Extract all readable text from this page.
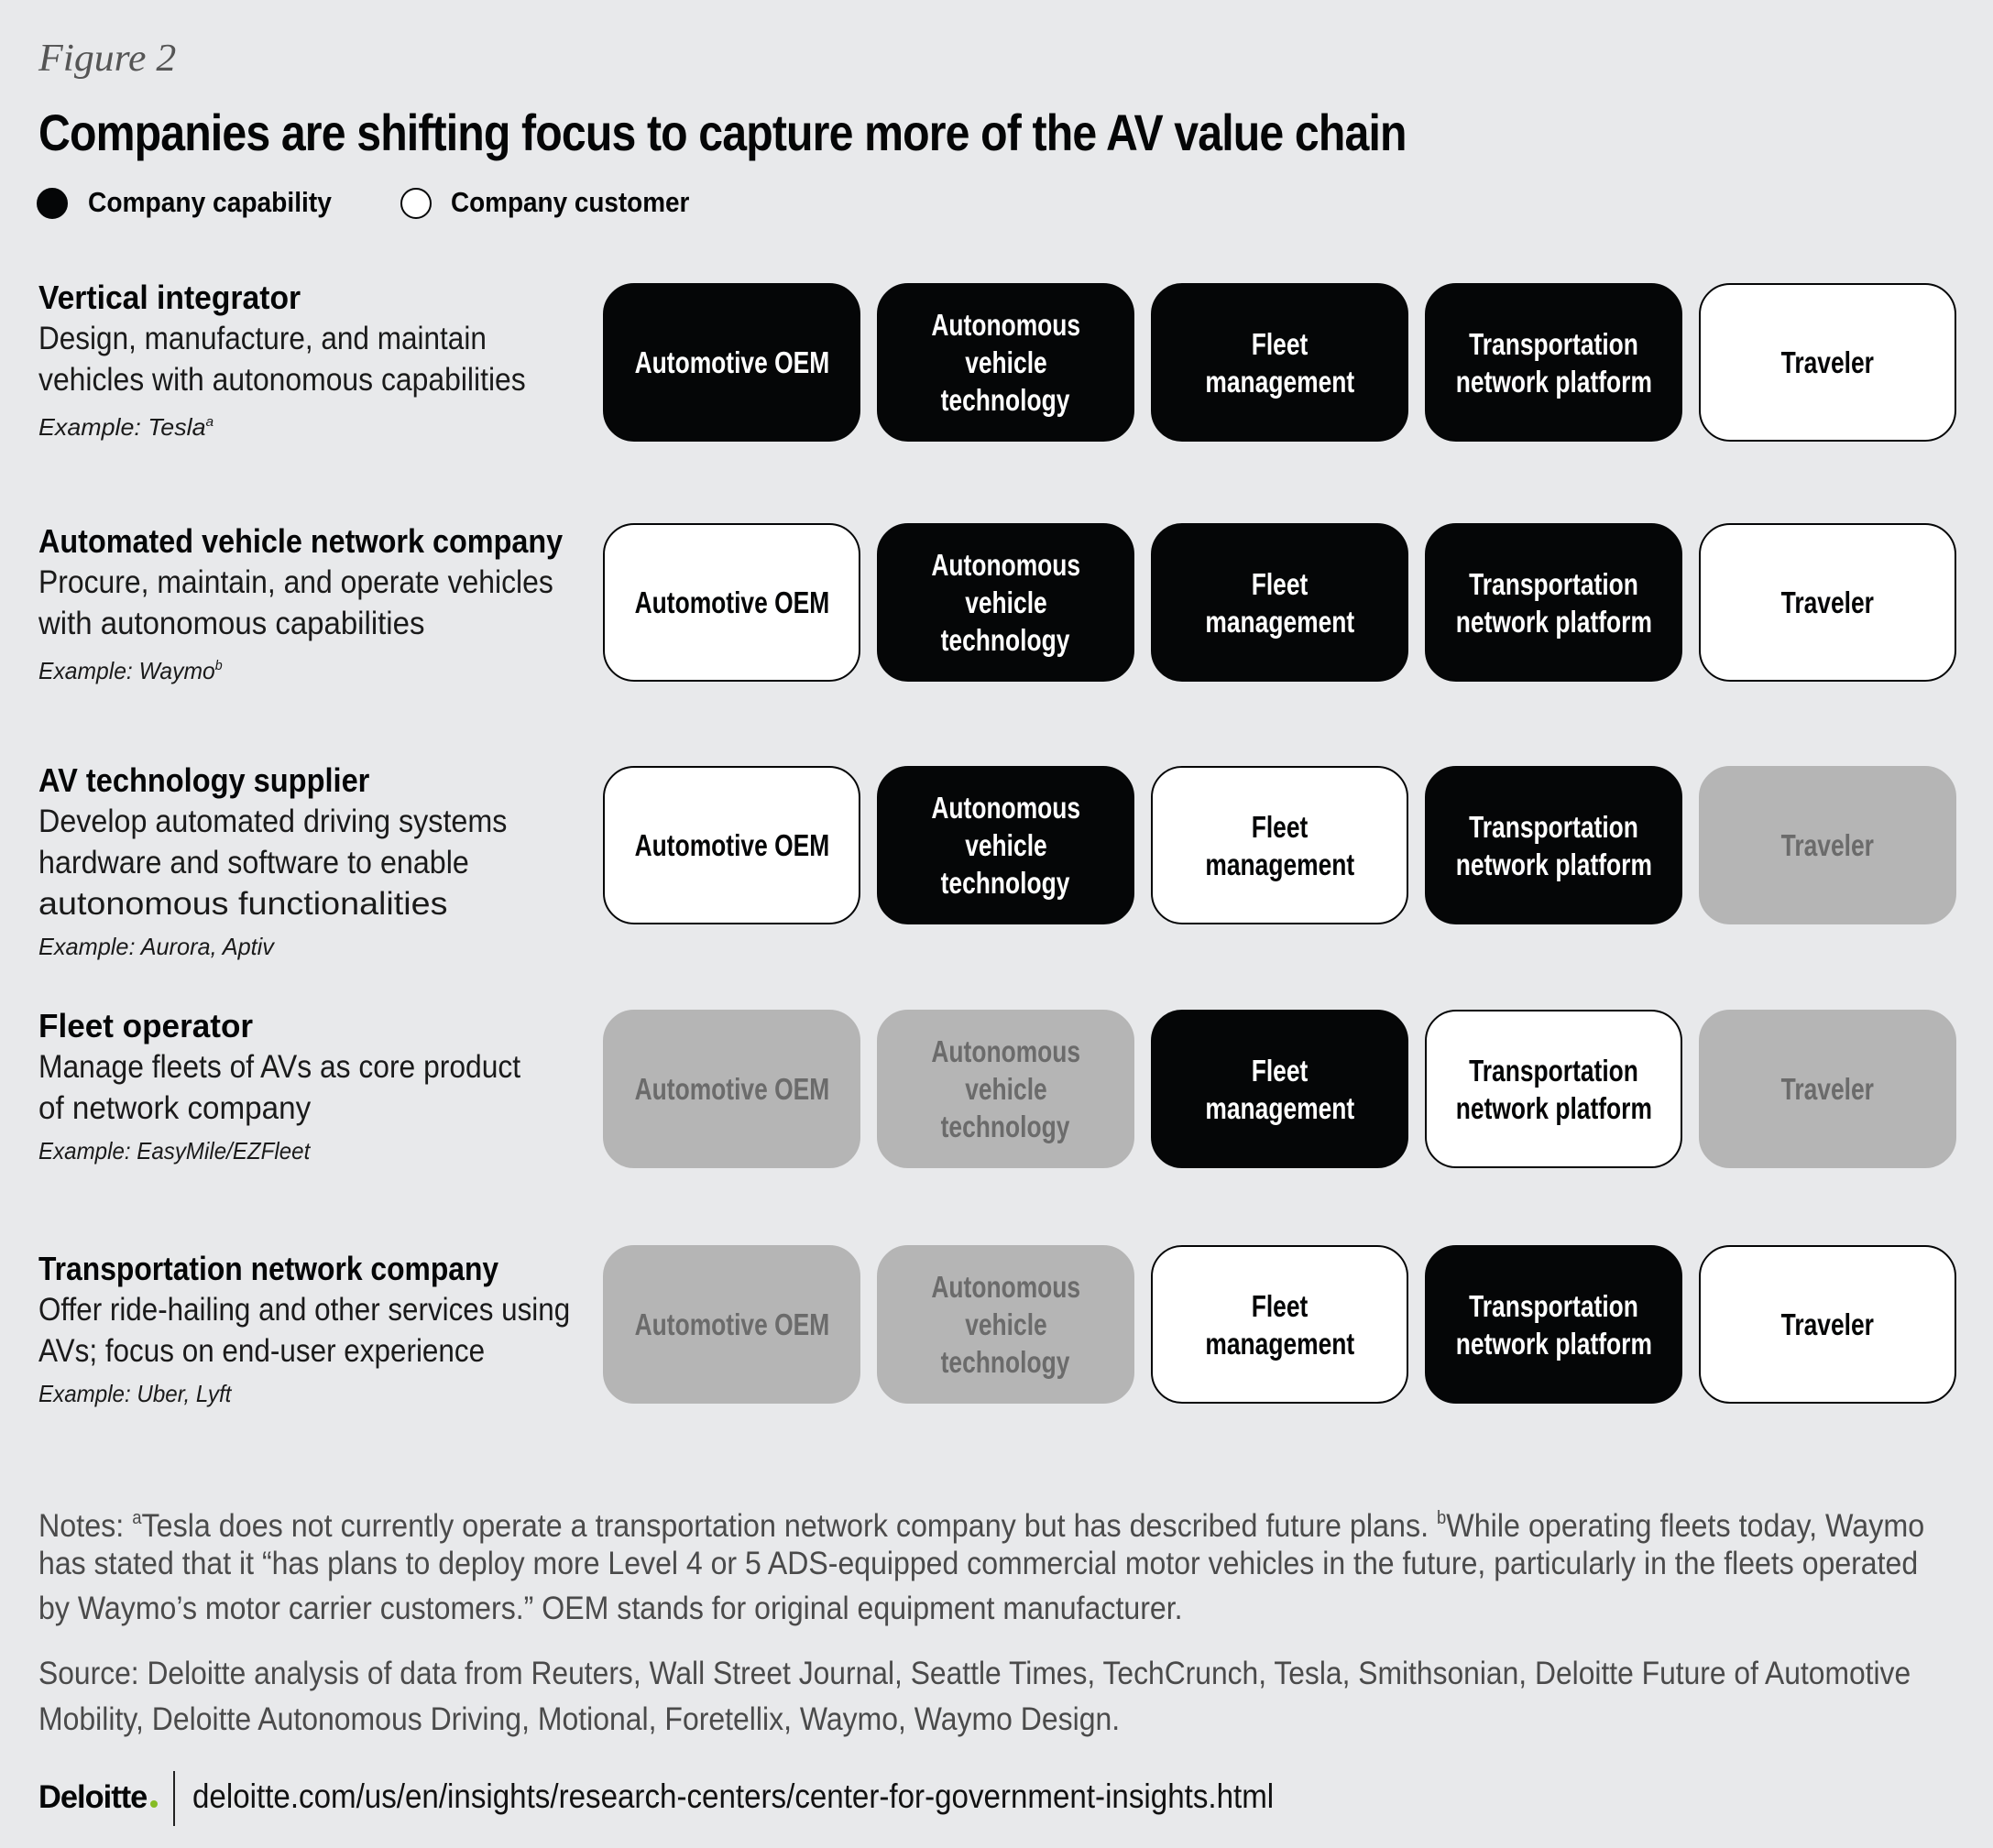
Figure 2
Companies are shifting focus to capture more of the AV value chain
Company capability	Company customer
Vertical integrator
Design, manufacture, and maintain
vehicles with autonomous capabilities
Example: Tesla$^a$
Automotive OEM
Autonomous
vehicle
technology
Fleet
management
Transportation
network platform
Traveler
Automated vehicle network company
Procure, maintain, and operate vehicles
with autonomous capabilities
Example: Waymo$^b$
Automotive OEM
Autonomous
vehicle
technology
Fleet
management
Transportation
network platform
Traveler
AV technology supplier
Develop automated driving systems
hardware and software to enable
autonomous functionalities
Example: Aurora, Aptiv
Automotive OEM
Autonomous
vehicle
technology
Fleet
management
Transportation
network platform
Traveler
Fleet operator
Manage fleets of AVs as core product
of network company
Example: EasyMile/EZFleet
Automotive OEM
Autonomous
vehicle
technology
Fleet
management
Transportation
network platform
Traveler
Transportation network company
Offer ride-hailing and other services using
AVs; focus on end-user experience
Example: Uber, Lyft
Automotive OEM
Autonomous
vehicle
technology
Fleet
management
Transportation
network platform
Traveler
Notes: $^a$Tesla does not currently operate a transportation network company but has described future plans. $^b$While operating fleets today, Waymo
has stated that it “has plans to deploy more Level 4 or 5 ADS-equipped commercial motor vehicles in the future, particularly in the fleets operated
by Waymo’s motor carrier customers.” OEM stands for original equipment manufacturer.
Source: Deloitte analysis of data from Reuters, Wall Street Journal, Seattle Times, TechCrunch, Tesla, Smithsonian, Deloitte Future of Automotive
Mobility, Deloitte Autonomous Driving, Motional, Foretellix, Waymo, Waymo Design.
Deloitte	deloitte.com/us/en/insights/research-centers/center-for-government-insights.html
